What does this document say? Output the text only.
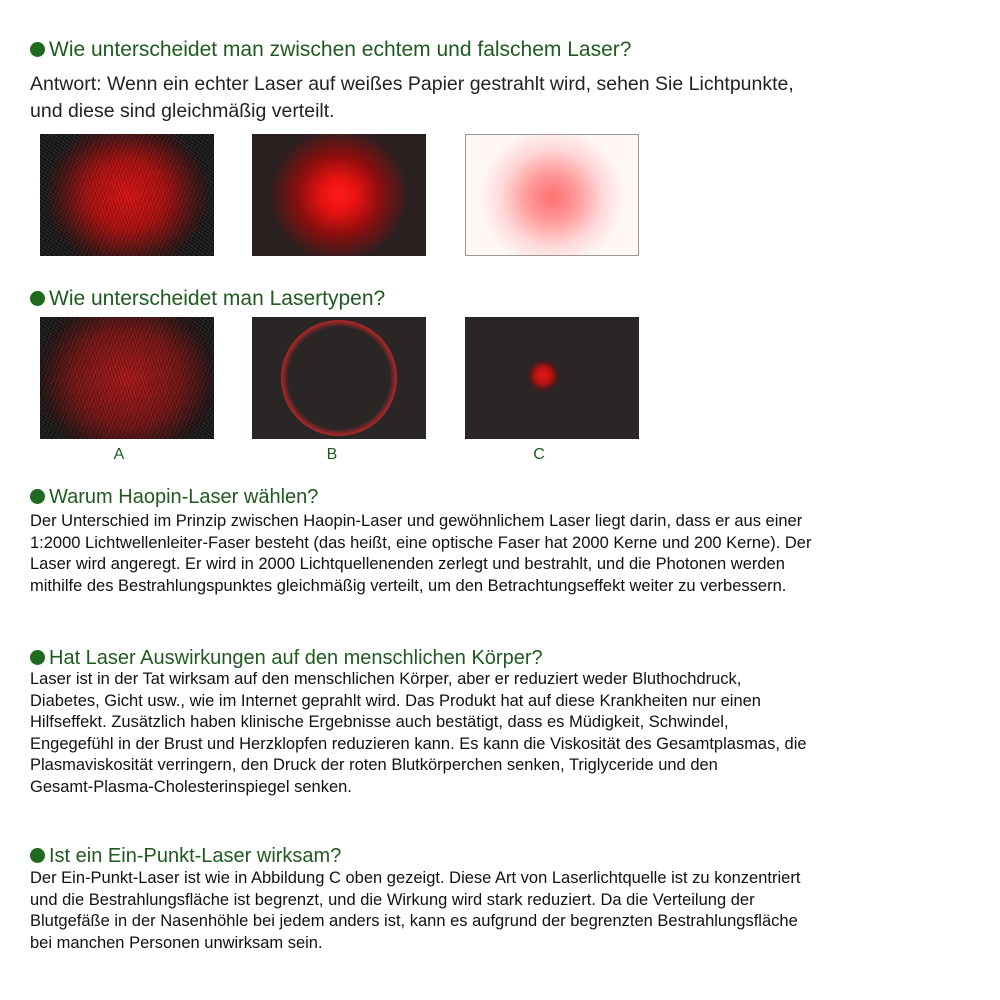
Wie unterscheidet man zwischen echtem und falschem Laser?
Antwort: Wenn ein echter Laser auf weißes Papier gestrahlt wird, sehen Sie Lichtpunkte,
und diese sind gleichmäßig verteilt.
Wie unterscheidet man Lasertypen?
A	B	C
Warum Haopin-Laser wählen?
Der Unterschied im Prinzip zwischen Haopin-Laser und gewöhnlichem Laser liegt darin, dass er aus einer
1:2000 Lichtwellenleiter-Faser besteht (das heißt, eine optische Faser hat 2000 Kerne und 200 Kerne). Der
Laser wird angeregt. Er wird in 2000 Lichtquellenenden zerlegt und bestrahlt, und die Photonen werden
mithilfe des Bestrahlungspunktes gleichmäßig verteilt, um den Betrachtungseffekt weiter zu verbessern.
Hat Laser Auswirkungen auf den menschlichen Körper?
Laser ist in der Tat wirksam auf den menschlichen Körper, aber er reduziert weder Bluthochdruck,
Diabetes, Gicht usw., wie im Internet geprahlt wird. Das Produkt hat auf diese Krankheiten nur einen
Hilfseffekt. Zusätzlich haben klinische Ergebnisse auch bestätigt, dass es Müdigkeit, Schwindel,
Engegefühl in der Brust und Herzklopfen reduzieren kann. Es kann die Viskosität des Gesamtplasmas, die
Plasmaviskosität verringern, den Druck der roten Blutkörperchen senken, Triglyceride und den
Gesamt-Plasma-Cholesterinspiegel senken.
Ist ein Ein-Punkt-Laser wirksam?
Der Ein-Punkt-Laser ist wie in Abbildung C oben gezeigt. Diese Art von Laserlichtquelle ist zu konzentriert
und die Bestrahlungsfläche ist begrenzt, und die Wirkung wird stark reduziert. Da die Verteilung der
Blutgefäße in der Nasenhöhle bei jedem anders ist, kann es aufgrund der begrenzten Bestrahlungsfläche
bei manchen Personen unwirksam sein.
